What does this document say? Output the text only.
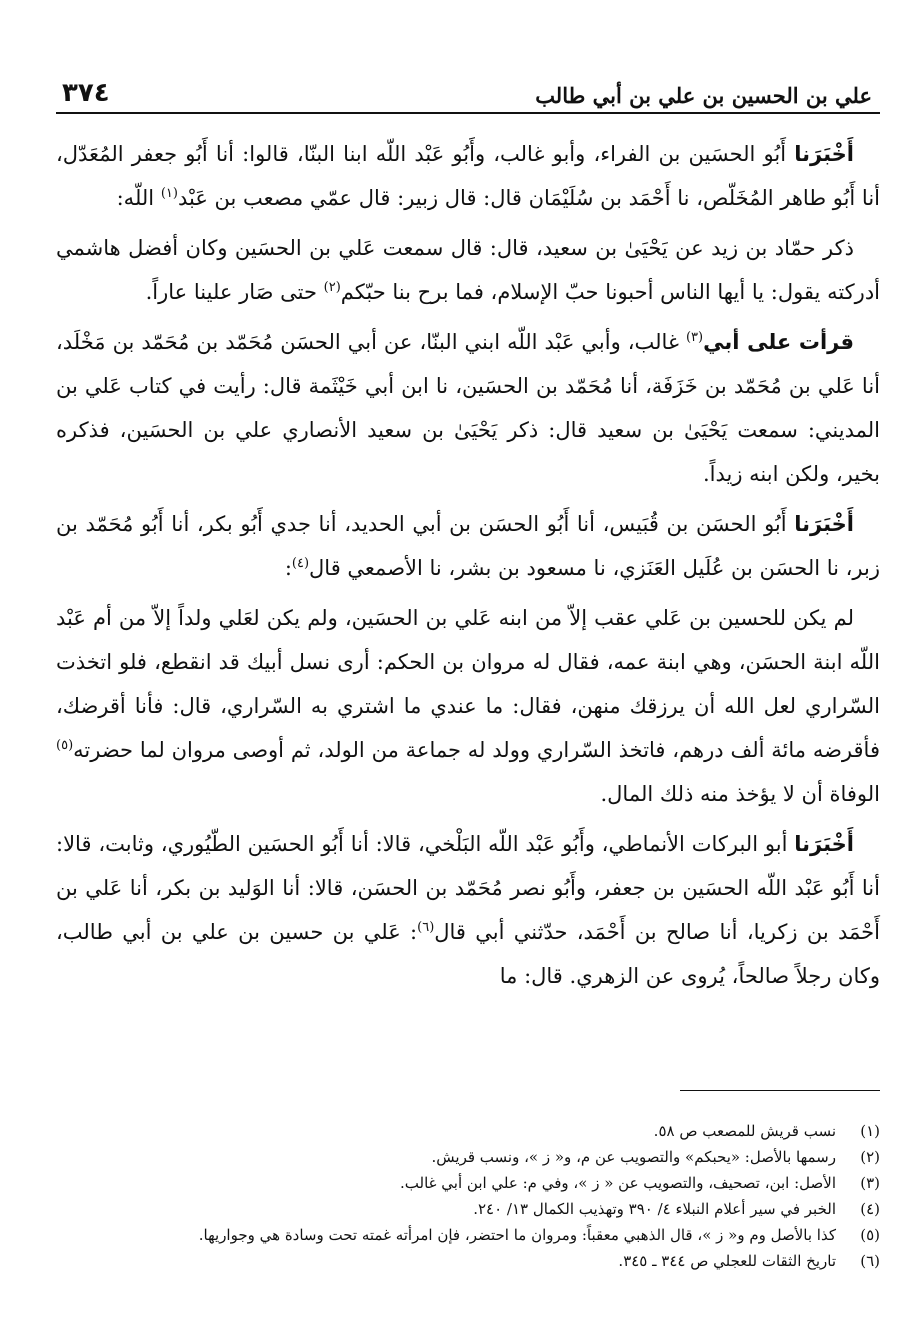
علي بن الحسين بن علي بن أبي طالب
٣٧٤

أَخْبَرَنا أَبُو الحسَين بن الفراء، وأبو غالب، وأَبُو عَبْد اللّه ابنا البنّا، قالوا: أنا أَبُو جعفر المُعَدّل، أنا أَبُو طاهر المُخَلّص، نا أَحْمَد بن سُلَيْمَان قال: قال زبير: قال عمّي مصعب بن عَبْد$^{(١)}$ اللّه:

ذكر حمّاد بن زيد عن يَحْيَىٰ بن سعيد، قال: قال سمعت عَلي بن الحسَين وكان أفضل هاشمي أدركته يقول: يا أيها الناس أحبونا حبّ الإسلام، فما برح بنا حبّكم$^{(٢)}$ حتى صَار علينا عاراً.

قرأت على أبي$^{(٣)}$ غالب، وأبي عَبْد اللّه ابني البنّا، عن أبي الحسَن مُحَمّد بن مُحَمّد بن مَخْلَد، أنا عَلي بن مُحَمّد بن خَزَفَة، أنا مُحَمّد بن الحسَين، نا ابن أبي خَيْثَمة قال: رأيت في كتاب عَلي بن المديني: سمعت يَحْيَىٰ بن سعيد قال: ذكر يَحْيَىٰ بن سعيد الأنصاري علي بن الحسَين، فذكره بخير، ولكن ابنه زيداً.

أَخْبَرَنا أَبُو الحسَن بن قُبَيس، أنا أَبُو الحسَن بن أبي الحديد، أنا جدي أَبُو بكر، أنا أَبُو مُحَمّد بن زبر، نا الحسَن بن عُلَيل العَنَزي، نا مسعود بن بشر، نا الأصمعي قال$^{(٤)}$:

لم يكن للحسين بن عَلي عقب إلاّ من ابنه عَلي بن الحسَين، ولم يكن لعَلي ولداً إلاّ من أم عَبْد اللّه ابنة الحسَن، وهي ابنة عمه، فقال له مروان بن الحكم: أرى نسل أبيك قد انقطع، فلو اتخذت السّراري لعل الله أن يرزقك منهن، فقال: ما عندي ما اشتري به السّراري، قال: فأنا أقرضك، فأقرضه مائة ألف درهم، فاتخذ السّراري وولد له جماعة من الولد، ثم أوصى مروان لما حضرته$^{(٥)}$ الوفاة أن لا يؤخذ منه ذلك المال.

أَخْبَرَنا أبو البركات الأنماطي، وأَبُو عَبْد اللّه البَلْخي، قالا: أنا أَبُو الحسَين الطّيُوري، وثابت، قالا: أنا أَبُو عَبْد اللّه الحسَين بن جعفر، وأَبُو نصر مُحَمّد بن الحسَن، قالا: أنا الوَليد بن بكر، أنا عَلي بن أَحْمَد بن زكريا، أنا صالح بن أَحْمَد، حدّثني أبي قال$^{(٦)}$: عَلي بن حسين بن علي بن أبي طالب، وكان رجلاً صالحاً، يُروى عن الزهري. قال: ما

(١)
نسب قريش للمصعب ص ٥٨.
(٢)
رسمها بالأصل: «يحبكم» والتصويب عن م، و« ز »، ونسب قريش.
(٣)
الأصل: ابن، تصحيف، والتصويب عن « ز »، وفي م: علي ابن أبي غالب.
(٤)
الخبر في سير أعلام النبلاء ٤/ ٣٩٠ وتهذيب الكمال ١٣/ ٢٤٠.
(٥)
كذا بالأصل وم و« ز »، قال الذهبي معقباً: ومروان ما احتضر، فإن امرأته غمته تحت وسادة هي وجواريها.
(٦)
تاريخ الثقات للعجلي ص ٣٤٤ ـ ٣٤٥.
